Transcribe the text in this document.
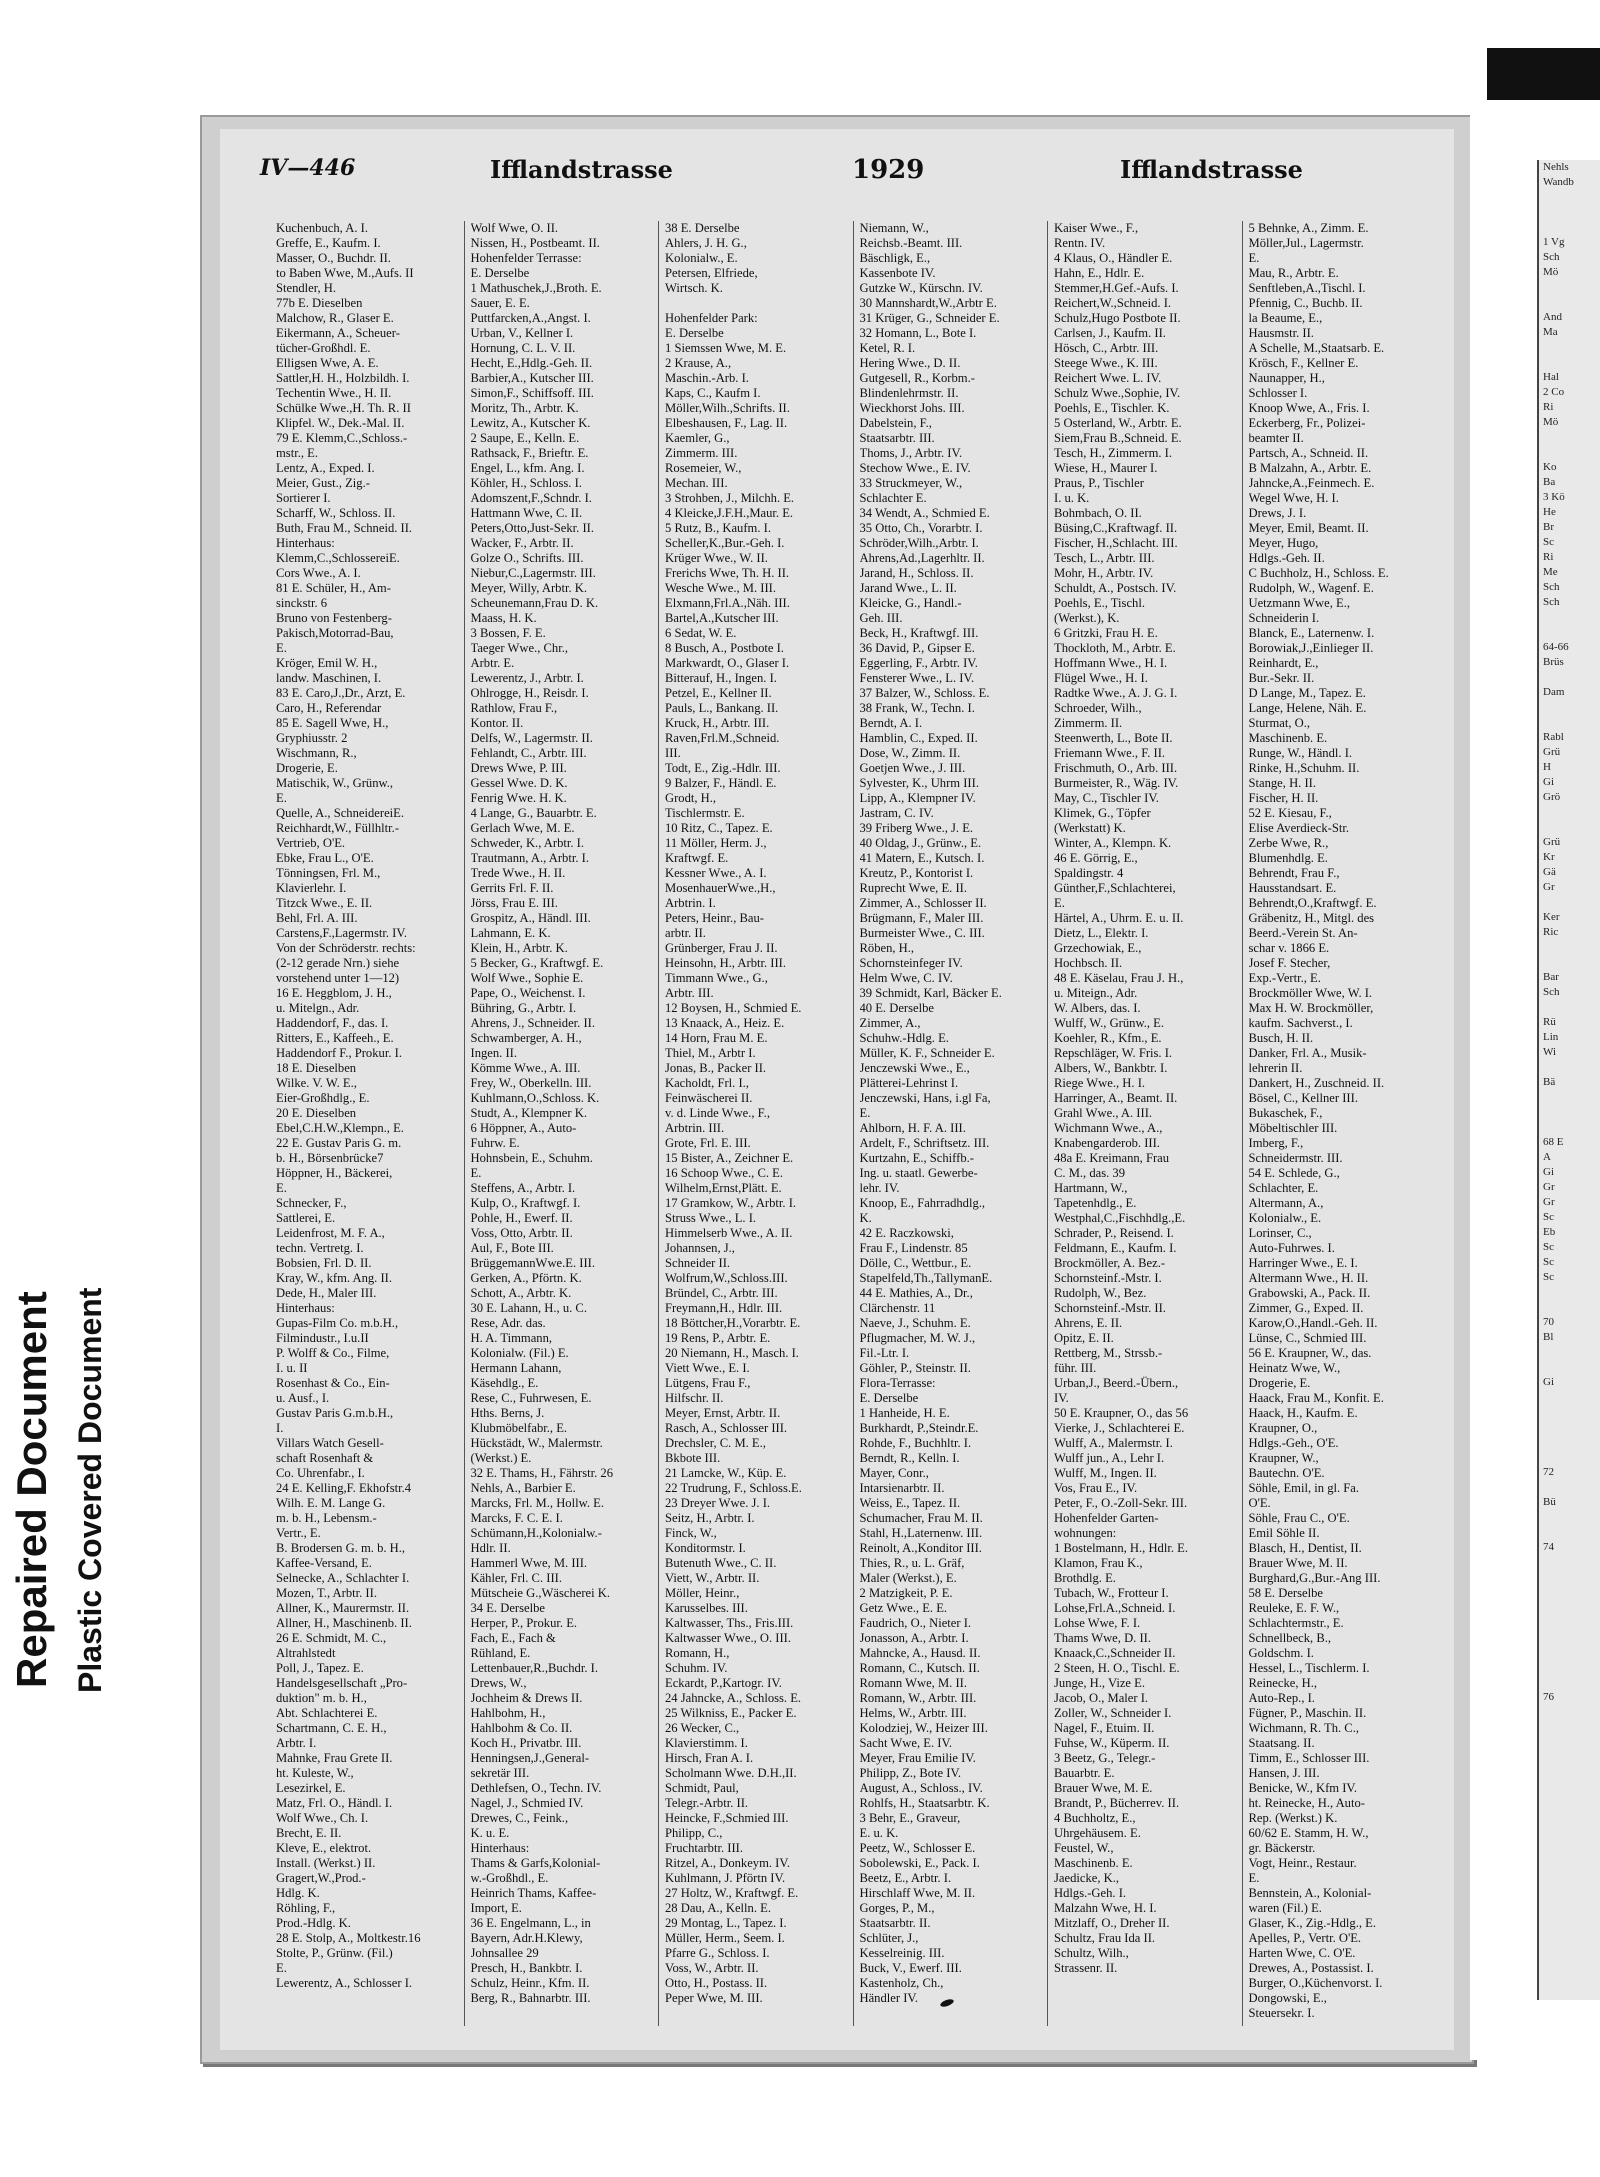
Repaired Document Plastic Covered Document
IV—446	Ifflandstrasse	1929	Ifflandstrasse
Kuchenbuch, A. I.
Greffe, E., Kaufm. I.
Masser, O., Buchdr. II.
to Baben Wwe, M.,Aufs. II
Stendler, H.
77b E. Dieselben
Malchow, R., Glaser E.
Eikermann, A., Scheuer-
tücher-Großhdl. E.
Elligsen Wwe, A. E.
Sattler,H. H., Holzbildh. I.
Techentin Wwe., H. II.
Schülke Wwe.,H. Th. R. II
Klipfel. W., Dek.-Mal. II.
79 E. Klemm,C.,Schloss.-
mstr., E.
Lentz, A., Exped. I.
Meier, Gust., Zig.-
Sortierer I.
Scharff, W., Schloss. II.
Buth, Frau M., Schneid. II.
Hinterhaus:
Klemm,C.,SchlossereiE.
Cors Wwe., A. I.
81 E. Schüler, H., Am-
sinckstr. 6
Bruno von Festenberg-
Pakisch,Motorrad-Bau,
E.
Kröger, Emil W. H.,
landw. Maschinen, I.
83 E. Caro,J.,Dr., Arzt, E.
Caro, H., Referendar
85 E. Sagell Wwe, H.,
Gryphiusstr. 2
Wischmann, R.,
Drogerie, E.
Matischik, W., Grünw.,
E.
Quelle, A., SchneidereiE.
Reichhardt,W., Füllhltr.-
Vertrieb, O'E.
Ebke, Frau L., O'E.
Tönningsen, Frl. M.,
Klavierlehr. I.
Titzck Wwe., E. II.
Behl, Frl. A. III.
Carstens,F.,Lagermstr. IV.
Von der Schröderstr. rechts:
(2-12 gerade Nrn.) siehe
vorstehend unter 1—12)
16 E. Heggblom, J. H.,
u. Mitelgn., Adr.
Haddendorf, F., das. I.
Ritters, E., Kaffeeh., E.
Haddendorf F., Prokur. I.
18 E. Dieselben
Wilke. V. W. E.,
Eier-Großhdlg., E.
20 E. Dieselben
Ebel,C.H.W.,Klempn., E.
22 E. Gustav Paris G. m.
b. H., Börsenbrücke7
Höppner, H., Bäckerei,
E.
Schnecker, F.,
Sattlerei, E.
Leidenfrost, M. F. A.,
techn. Vertretg. I.
Bobsien, Frl. D. II.
Kray, W., kfm. Ang. II.
Dede, H., Maler III.
Hinterhaus:
Gupas-Film Co. m.b.H.,
Filmindustr., I.u.II
P. Wolff & Co., Filme,
I. u. II
Rosenhast & Co., Ein-
u. Ausf., I.
Gustav Paris G.m.b.H.,
I.
Villars Watch Gesell-
schaft Rosenhaft &
Co. Uhrenfabr., I.
24 E. Kelling,F. Ekhofstr.4
Wilh. E. M. Lange G.
m. b. H., Lebensm.-
Vertr., E.
B. Brodersen G. m. b. H.,
Kaffee-Versand, E.
Selnecke, A., Schlachter I.
Mozen, T., Arbtr. II.
Allner, K., Maurermstr. II.
Allner, H., Maschinenb. II.
26 E. Schmidt, M. C.,
Altrahlstedt
Poll, J., Tapez. E.
Handelsgesellschaft „Pro-
duktion" m. b. H.,
Abt. Schlachterei E.
Schartmann, C. E. H.,
Arbtr. I.
Mahnke, Frau Grete II.
ht. Kuleste, W.,
Lesezirkel, E.
Matz, Frl. O., Händl. I.
Wolf Wwe., Ch. I.
Brecht, E. II.
Kleve, E., elektrot.
Install. (Werkst.) II.
Gragert,W.,Prod.-
Hdlg. K.
Röhling, F.,
Prod.-Hdlg. K.
28 E. Stolp, A., Moltkestr.16
Stolte, P., Grünw. (Fil.)
E.
Lewerentz, A., Schlosser I.
Wolf Wwe, O. II.
Nissen, H., Postbeamt. II.
Hohenfelder Terrasse:
E. Derselbe
1 Mathuschek,J.,Broth. E.
Sauer, E. E.
Puttfarcken,A.,Angst. I.
Urban, V., Kellner I.
Hornung, C. L. V. II.
Hecht, E.,Hdlg.-Geh. II.
Barbier,A., Kutscher III.
Simon,F., Schiffsoff. III.
Moritz, Th., Arbtr. K.
Lewitz, A., Kutscher K.
2 Saupe, E., Kelln. E.
Rathsack, F., Brieftr. E.
Engel, L., kfm. Ang. I.
Köhler, H., Schloss. I.
Adomszent,F.,Schndr. I.
Hattmann Wwe, C. II.
Peters,Otto,Just-Sekr. II.
Wacker, F., Arbtr. II.
Golze O., Schrifts. III.
Niebur,C.,Lagermstr. III.
Meyer, Willy, Arbtr. K.
Scheunemann,Frau D. K.
Maass, H. K.
3 Bossen, F. E.
Taeger Wwe., Chr.,
Arbtr. E.
Lewerentz, J., Arbtr. I.
Ohlrogge, H., Reisdr. I.
Rathlow, Frau F.,
Kontor. II.
Delfs, W., Lagermstr. II.
Fehlandt, C., Arbtr. III.
Drews Wwe, P. III.
Gessel Wwe. D. K.
Fenrig Wwe. H. K.
4 Lange, G., Bauarbtr. E.
Gerlach Wwe, M. E.
Schweder, K., Arbtr. I.
Trautmann, A., Arbtr. I.
Trede Wwe., H. II.
Gerrits Frl. F. II.
Jörss, Frau E. III.
Grospitz, A., Händl. III.
Lahmann, E. K.
Klein, H., Arbtr. K.
5 Becker, G., Kraftwgf. E.
Wolf Wwe., Sophie E.
Pape, O., Weichenst. I.
Bühring, G., Arbtr. I.
Ahrens, J., Schneider. II.
Schwamberger, A. H.,
Ingen. II.
Kömme Wwe., A. III.
Frey, W., Oberkelln. III.
Kuhlmann,O.,Schloss. K.
Studt, A., Klempner K.
6 Höppner, A., Auto-
Fuhrw. E.
Hohnsbein, E., Schuhm.
E.
Steffens, A., Arbtr. I.
Kulp, O., Kraftwgf. I.
Pohle, H., Ewerf. II.
Voss, Otto, Arbtr. II.
Aul, F., Bote III.
BrüggemannWwe.E. III.
Gerken, A., Pförtn. K.
Schott, A., Arbtr. K.
30 E. Lahann, H., u. C.
Rese, Adr. das.
H. A. Timmann,
Kolonialw. (Fil.) E.
Hermann Lahann,
Käsehdlg., E.
Rese, C., Fuhrwesen, E.
Hths. Berns, J.
Klubmöbelfabr., E.
Hückstädt, W., Malermstr.
(Werkst.) E.
32 E. Thams, H., Fährstr. 26
Nehls, A., Barbier E.
Marcks, Frl. M., Hollw. E.
Marcks, F. C. E. I.
Schümann,H.,Kolonialw.-
Hdlr. II.
Hammerl Wwe, M. III.
Kähler, Frl. C. III.
Mütscheie G.,Wäscherei K.
34 E. Derselbe
Herper, P., Prokur. E.
Fach, E., Fach &
Rühland, E.
Lettenbauer,R.,Buchdr. I.
Drews, W.,
Jochheim & Drews II.
Hahlbohm, H.,
Hahlbohm & Co. II.
Koch H., Privatbr. III.
Henningsen,J.,General-
sekretär III.
Dethlefsen, O., Techn. IV.
Nagel, J., Schmied IV.
Drewes, C., Feink.,
K. u. E.
Hinterhaus:
Thams & Garfs,Kolonial-
w.-Großhdl., E.
Heinrich Thams, Kaffee-
Import, E.
36 E. Engelmann, L., in
Bayern, Adr.H.Klewy,
Johnsallee 29
Presch, H., Bankbtr. I.
Schulz, Heinr., Kfm. II.
Berg, R., Bahnarbtr. III.
38 E. Derselbe
Ahlers, J. H. G.,
Kolonialw., E.
Petersen, Elfriede,
Wirtsch. K.

Hohenfelder Park:
E. Derselbe
1 Siemssen Wwe, M. E.
2 Krause, A.,
Maschin.-Arb. I.
Kaps, C., Kaufm I.
Möller,Wilh.,Schrifts. II.
Elbeshausen, F., Lag. II.
Kaemler, G.,
Zimmerm. III.
Rosemeier, W.,
Mechan. III.
3 Strohben, J., Milchh. E.
4 Kleicke,J.F.H.,Maur. E.
5 Rutz, B., Kaufm. I.
Scheller,K.,Bur.-Geh. I.
Krüger Wwe., W. II.
Frerichs Wwe, Th. H. II.
Wesche Wwe., M. III.
Elxmann,Frl.A.,Näh. III.
Bartel,A.,Kutscher III.
6 Sedat, W. E.
8 Busch, A., Postbote I.
Markwardt, O., Glaser I.
Bitterauf, H., Ingen. I.
Petzel, E., Kellner II.
Pauls, L., Bankang. II.
Kruck, H., Arbtr. III.
Raven,Frl.M.,Schneid.
III.
Todt, E., Zig.-Hdlr. III.
9 Balzer, F., Händl. E.
Grodt, H.,
Tischlermstr. E.
10 Ritz, C., Tapez. E.
11 Möller, Herm. J.,
Kraftwgf. E.
Kessner Wwe., A. I.
MosenhauerWwe.,H.,
Arbtrin. I.
Peters, Heinr., Bau-
arbtr. II.
Grünberger, Frau J. II.
Heinsohn, H., Arbtr. III.
Timmann Wwe., G.,
Arbtr. III.
12 Boysen, H., Schmied E.
13 Knaack, A., Heiz. E.
14 Horn, Frau M. E.
Thiel, M., Arbtr I.
Jonas, B., Packer II.
Kacholdt, Frl. I.,
Feinwäscherei II.
v. d. Linde Wwe., F.,
Arbtrin. III.
Grote, Frl. E. III.
15 Bister, A., Zeichner E.
16 Schoop Wwe., C. E.
Wilhelm,Ernst,Plätt. E.
17 Gramkow, W., Arbtr. I.
Struss Wwe., L. I.
Himmelserb Wwe., A. II.
Johannsen, J.,
Schneider II.
Wolfrum,W.,Schloss.III.
Bründel, C., Arbtr. III.
Freymann,H., Hdlr. III.
18 Böttcher,H.,Vorarbtr. E.
19 Rens, P., Arbtr. E.
20 Niemann, H., Masch. I.
Viett Wwe., E. I.
Lütgens, Frau F.,
Hilfschr. II.
Meyer, Ernst, Arbtr. II.
Rasch, A., Schlosser III.
Drechsler, C. M. E.,
Bkbote III.
21 Lamcke, W., Küp. E.
22 Trudrung, F., Schloss.E.
23 Dreyer Wwe. J. I.
Seitz, H., Arbtr. I.
Finck, W.,
Konditormstr. I.
Butenuth Wwe., C. II.
Viett, W., Arbtr. II.
Möller, Heinr.,
Karusselbes. III.
Kaltwasser, Ths., Fris.III.
Kaltwasser Wwe., O. III.
Romann, H.,
Schuhm. IV.
Eckardt, P.,Kartogr. IV.
24 Jahncke, A., Schloss. E.
25 Wilkniss, E., Packer E.
26 Wecker, C.,
Klavierstimm. I.
Hirsch, Fran A. I.
Scholmann Wwe. D.H.,II.
Schmidt, Paul,
Telegr.-Arbtr. II.
Heincke, F.,Schmied III.
Philipp, C.,
Fruchtarbtr. III.
Ritzel, A., Donkeym. IV.
Kuhlmann, J. Pförtn IV.
27 Holtz, W., Kraftwgf. E.
28 Dau, A., Kelln. E.
29 Montag, L., Tapez. I.
Müller, Herm., Seem. I.
Pfarre G., Schloss. I.
Voss, W., Arbtr. II.
Otto, H., Postass. II.
Peper Wwe, M. III.
Niemann, W.,
Reichsb.-Beamt. III.
Bäschligk, E.,
Kassenbote IV.
Gutzke W., Kürschn. IV.
30 Mannshardt,W.,Arbtr E.
31 Krüger, G., Schneider E.
32 Homann, L., Bote I.
Ketel, R. I.
Hering Wwe., D. II.
Gutgesell, R., Korbm.-
Blindenlehrmstr. II.
Wieckhorst Johs. III.
Dabelstein, F.,
Staatsarbtr. III.
Thoms, J., Arbtr. IV.
Stechow Wwe., E. IV.
33 Struckmeyer, W.,
Schlachter E.
34 Wendt, A., Schmied E.
35 Otto, Ch., Vorarbtr. I.
Schröder,Wilh.,Arbtr. I.
Ahrens,Ad.,Lagerhltr. II.
Jarand, H., Schloss. II.
Jarand Wwe., L. II.
Kleicke, G., Handl.-
Geh. III.
Beck, H., Kraftwgf. III.
36 David, P., Gipser E.
Eggerling, F., Arbtr. IV.
Fensterer Wwe., L. IV.
37 Balzer, W., Schloss. E.
38 Frank, W., Techn. I.
Berndt, A. I.
Hamblin, C., Exped. II.
Dose, W., Zimm. II.
Goetjen Wwe., J. III.
Sylvester, K., Uhrm III.
Lipp, A., Klempner IV.
Jastram, C. IV.
39 Friberg Wwe., J. E.
40 Oldag, J., Grünw., E.
41 Matern, E., Kutsch. I.
Kreutz, P., Kontorist I.
Ruprecht Wwe, E. II.
Zimmer, A., Schlosser II.
Brügmann, F., Maler III.
Burmeister Wwe., C. III.
Röben, H.,
Schornsteinfeger IV.
Helm Wwe, C. IV.
39 Schmidt, Karl, Bäcker E.
40 E. Derselbe
Zimmer, A.,
Schuhw.-Hdlg. E.
Müller, K. F., Schneider E.
Jenczewski Wwe., E.,
Plätterei-Lehrinst I.
Jenczewski, Hans, i.gl Fa,
E.
Ahlborn, H. F. A. III.
Ardelt, F., Schriftsetz. III.
Kurtzahn, E., Schiffb.-
Ing. u. staatl. Gewerbe-
lehr. IV.
Knoop, E., Fahrradhdlg.,
K.
42 E. Raczkowski,
Frau F., Lindenstr. 85
Dölle, C., Wettbur., E.
Stapelfeld,Th.,TallymanE.
44 E. Mathies, A., Dr.,
Clärchenstr. 11
Naeve, J., Schuhm. E.
Pflugmacher, M. W. J.,
Fil.-Ltr. I.
Göhler, P., Steinstr. II.
Flora-Terrasse:
E. Derselbe
1 Hanheide, H. E.
Burkhardt, P.,Steindr.E.
Rohde, F., Buchhltr. I.
Berndt, R., Kelln. I.
Mayer, Conr.,
Intarsienarbtr. II.
Weiss, E., Tapez. II.
Schumacher, Frau M. II.
Stahl, H.,Laternenw. III.
Reinolt, A.,Konditor III.
Thies, R., u. L. Gräf,
Maler (Werkst.), E.
2 Matzigkeit, P. E.
Getz Wwe., E. E.
Faudrich, O., Nieter I.
Jonasson, A., Arbtr. I.
Mahncke, A., Hausd. II.
Romann, C., Kutsch. II.
Romann Wwe, M. II.
Romann, W., Arbtr. III.
Helms, W., Arbtr. III.
Kolodziej, W., Heizer III.
Sacht Wwe, E. IV.
Meyer, Frau Emilie IV.
Philipp, Z., Bote IV.
August, A., Schloss., IV.
Rohlfs, H., Staatsarbtr. K.
3 Behr, E., Graveur,
E. u. K.
Peetz, W., Schlosser E.
Sobolewski, E., Pack. I.
Beetz, E., Arbtr. I.
Hirschlaff Wwe, M. II.
Gorges, P., M.,
Staatsarbtr. II.
Schlüter, J.,
Kesselreinig. III.
Buck, V., Ewerf. III.
Kastenholz, Ch.,
Händler IV.
Kaiser Wwe., F.,
Rentn. IV.
4 Klaus, O., Händler E.
Hahn, E., Hdlr. E.
Stemmer,H.Gef.-Aufs. I.
Reichert,W.,Schneid. I.
Schulz,Hugo Postbote II.
Carlsen, J., Kaufm. II.
Hösch, C., Arbtr. III.
Steege Wwe., K. III.
Reichert Wwe. L. IV.
Schulz Wwe.,Sophie, IV.
Poehls, E., Tischler. K.
5 Osterland, W., Arbtr. E.
Siem,Frau B.,Schneid. E.
Tesch, H., Zimmerm. I.
Wiese, H., Maurer I.
Praus, P., Tischler
I. u. K.
Bohmbach, O. II.
Büsing,C.,Kraftwagf. II.
Fischer, H.,Schlacht. III.
Tesch, L., Arbtr. III.
Mohr, H., Arbtr. IV.
Schuldt, A., Postsch. IV.
Poehls, E., Tischl.
(Werkst.), K.
6 Gritzki, Frau H. E.
Thockloth, M., Arbtr. E.
Hoffmann Wwe., H. I.
Flügel Wwe., H. I.
Radtke Wwe., A. J. G. I.
Schroeder, Wilh.,
Zimmerm. II.
Steenwerth, L., Bote II.
Friemann Wwe., F. II.
Frischmuth, O., Arb. III.
Burmeister, R., Wäg. IV.
May, C., Tischler IV.
Klimek, G., Töpfer
(Werkstatt) K.
Winter, A., Klempn. K.
46 E. Görrig, E.,
Spaldingstr. 4
Günther,F.,Schlachterei,
E.
Härtel, A., Uhrm. E. u. II.
Dietz, L., Elektr. I.
Grzechowiak, E.,
Hochbsch. II.
48 E. Käselau, Frau J. H.,
u. Miteign., Adr.
W. Albers, das. I.
Wulff, W., Grünw., E.
Koehler, R., Kfm., E.
Repschläger, W. Fris. I.
Albers, W., Bankbtr. I.
Riege Wwe., H. I.
Harringer, A., Beamt. II.
Grahl Wwe., A. III.
Wichmann Wwe., A.,
Knabengarderob. III.
48a E. Kreimann, Frau
C. M., das. 39
Hartmann, W.,
Tapetenhdlg., E.
Westphal,C.,Fischhdlg.,E.
Schrader, P., Reisend. I.
Feldmann, E., Kaufm. I.
Brockmöller, A. Bez.-
Schornsteinf.-Mstr. I.
Rudolph, W., Bez.
Schornsteinf.-Mstr. II.
Ahrens, E. II.
Opitz, E. II.
Rettberg, M., Strssb.-
führ. III.
Urban,J., Beerd.-Übern.,
IV.
50 E. Kraupner, O., das 56
Vierke, J., Schlachterei E.
Wulff, A., Malermstr. I.
Wulff jun., A., Lehr I.
Wulff, M., Ingen. II.
Vos, Frau E., IV.
Peter, F., O.-Zoll-Sekr. III.
Hohenfelder Garten-
wohnungen:
1 Bostelmann, H., Hdlr. E.
Klamon, Frau K.,
Brothdlg. E.
Tubach, W., Frotteur I.
Lohse,Frl.A.,Schneid. I.
Lohse Wwe, F. I.
Thams Wwe, D. II.
Knaack,C.,Schneider II.
2 Steen, H. O., Tischl. E.
Junge, H., Vize E.
Jacob, O., Maler I.
Zoller, W., Schneider I.
Nagel, F., Etuim. II.
Fuhse, W., Küperm. II.
3 Beetz, G., Telegr.-
Bauarbtr. E.
Brauer Wwe, M. E.
Brandt, P., Bücherrev. II.
4 Buchholtz, E.,
Uhrgehäusem. E.
Feustel, W.,
Maschinenb. E.
Jaedicke, K.,
Hdlgs.-Geh. I.
Malzahn Wwe, H. I.
Mitzlaff, O., Dreher II.
Schultz, Frau Ida II.
Schultz, Wilh.,
Strassenr. II.
5 Behnke, A., Zimm. E.
Möller,Jul., Lagermstr.
E.
Mau, R., Arbtr. E.
Senftleben,A.,Tischl. I.
Pfennig, C., Buchb. II.
la Beaume, E.,
Hausmstr. II.
A Schelle, M.,Staatsarb. E.
Krösch, F., Kellner E.
Naunapper, H.,
Schlosser I.
Knoop Wwe, A., Fris. I.
Eckerberg, Fr., Polizei-
beamter II.
Partsch, A., Schneid. II.
B Malzahn, A., Arbtr. E.
Jahncke,A.,Feinmech. E.
Wegel Wwe, H. I.
Drews, J. I.
Meyer, Emil, Beamt. II.
Meyer, Hugo,
Hdlgs.-Geh. II.
C Buchholz, H., Schloss. E.
Rudolph, W., Wagenf. E.
Uetzmann Wwe, E.,
Schneiderin I.
Blanck, E., Laternenw. I.
Borowiak,J.,Einlieger II.
Reinhardt, E.,
Bur.-Sekr. II.
D Lange, M., Tapez. E.
Lange, Helene, Näh. E.
Sturmat, O.,
Maschinenb. E.
Runge, W., Händl. I.
Rinke, H.,Schuhm. II.
Stange, H. II.
Fischer, H. II.
52 E. Kiesau, F.,
Elise Averdieck-Str.
Zerbe Wwe, R.,
Blumenhdlg. E.
Behrendt, Frau F.,
Hausstandsart. E.
Behrendt,O.,Kraftwgf. E.
Gräbenitz, H., Mitgl. des
Beerd.-Verein St. An-
schar v. 1866 E.
Josef F. Stecher,
Exp.-Vertr., E.
Brockmöller Wwe, W. I.
Max H. W. Brockmöller,
kaufm. Sachverst., I.
Busch, H. II.
Danker, Frl. A., Musik-
lehrerin II.
Dankert, H., Zuschneid. II.
Bösel, C., Kellner III.
Bukaschek, F.,
Möbeltischler III.
Imberg, F.,
Schneidermstr. III.
54 E. Schlede, G.,
Schlachter, E.
Altermann, A.,
Kolonialw., E.
Lorinser, C.,
Auto-Fuhrwes. I.
Harringer Wwe., E. I.
Altermann Wwe., H. II.
Grabowski, A., Pack. II.
Zimmer, G., Exped. II.
Karow,O.,Handl.-Geh. II.
Lünse, C., Schmied III.
56 E. Kraupner, W., das.
Heinatz Wwe, W.,
Drogerie, E.
Haack, Frau M., Konfit. E.
Haack, H., Kaufm. E.
Kraupner, O.,
Hdlgs.-Geh., O'E.
Kraupner, W.,
Bautechn. O'E.
Söhle, Emil, in gl. Fa.
O'E.
Söhle, Frau C., O'E.
Emil Söhle II.
Blasch, H., Dentist, II.
Brauer Wwe, M. II.
Burghard,G.,Bur.-Ang III.
58 E. Derselbe
Reuleke, E. F. W.,
Schlachtermstr., E.
Schnellbeck, B.,
Goldschm. I.
Hessel, L., Tischlerm. I.
Reinecke, H.,
Auto-Rep., I.
Fügner, P., Maschin. II.
Wichmann, R. Th. C.,
Staatsang. II.
Timm, E., Schlosser III.
Hansen, J. III.
Benicke, W., Kfm IV.
ht. Reinecke, H., Auto-
Rep. (Werkst.) K.
60/62 E. Stamm, H. W.,
gr. Bäckerstr.
Vogt, Heinr., Restaur.
E.
Bennstein, A., Kolonial-
waren (Fil.) E.
Glaser, K., Zig.-Hdlg., E.
Apelles, P., Vertr. O'E.
Harten Wwe, C. O'E.
Drewes, A., Postassist. I.
Burger, O.,Küchenvorst. I.
Dongowski, E.,
Steuersekr. I.
Nehls
Wandb

1 Vg
Sch
Mö

And
Ma

Hal
2 Co
Ri
Mö

Ko
Ba
3 Kö
He
Br
Sc
Ri
Me
Sch
Sch

64-66
Brüs

Dam

Rabl
Grü
H
Gi
Grö

Grü
Kr
Gä
Gr

Ker
Ric

Bar
Sch

Rü
Lin
Wi

Bä

68 E
A
Gi
Gr
Gr
Sc
Eb
Sc
Sc
Sc

70
Bl

Gi

72

Bü

74

76
